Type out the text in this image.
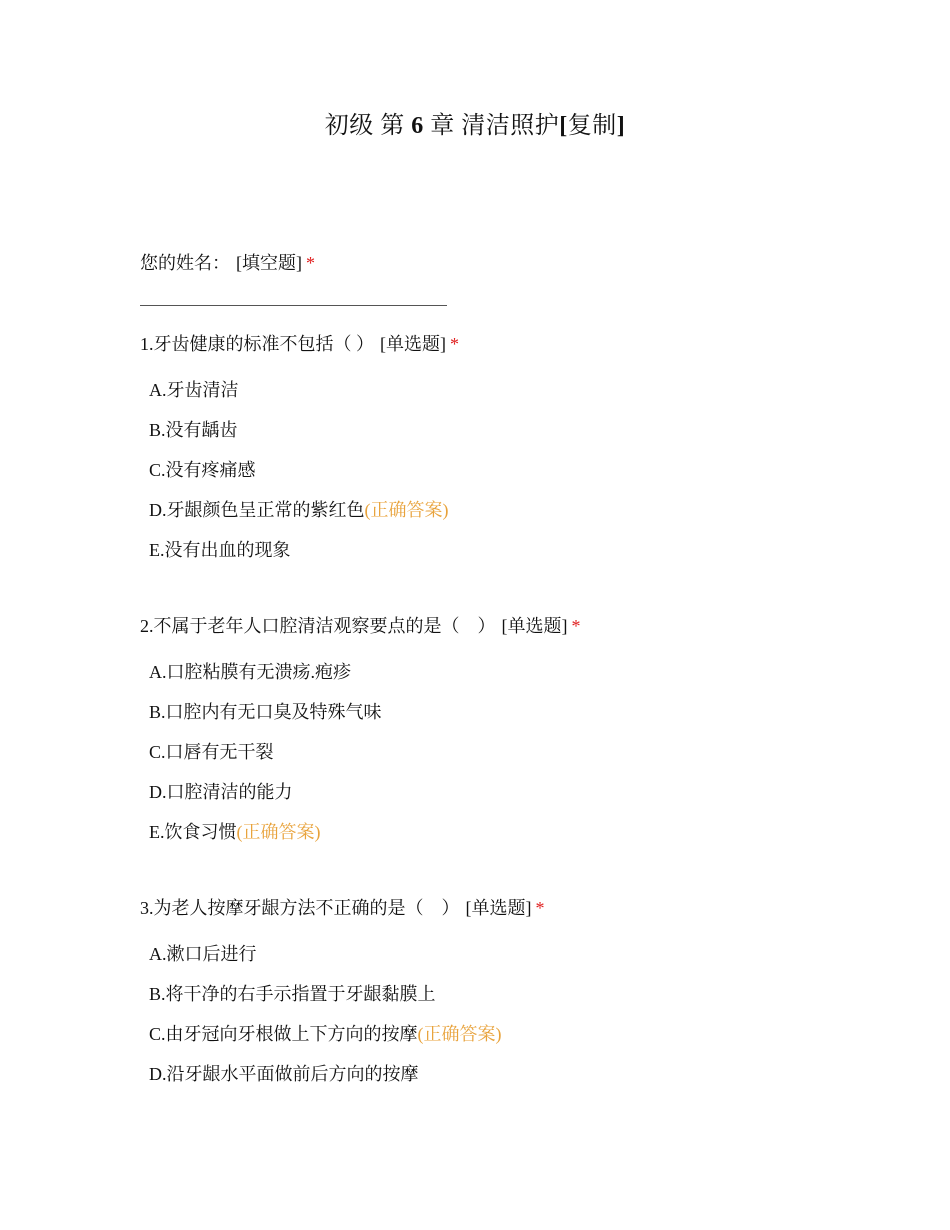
初级 第 6 章 清洁照护[复制]
您的姓名： [填空题] *
1.牙齿健康的标准不包括（ ） [单选题] *
A.牙齿清洁
B.没有龋齿
C.没有疼痛感
D.牙龈颜色呈正常的紫红色(正确答案)
E.没有出血的现象
2.不属于老年人口腔清洁观察要点的是（　） [单选题] *
A.口腔粘膜有无溃疡.疱疹
B.口腔内有无口臭及特殊气味
C.口唇有无干裂
D.口腔清洁的能力
E.饮食习惯(正确答案)
3.为老人按摩牙龈方法不正确的是（　） [单选题] *
A.漱口后进行
B.将干净的右手示指置于牙龈黏膜上
C.由牙冠向牙根做上下方向的按摩(正确答案)
D.沿牙龈水平面做前后方向的按摩
